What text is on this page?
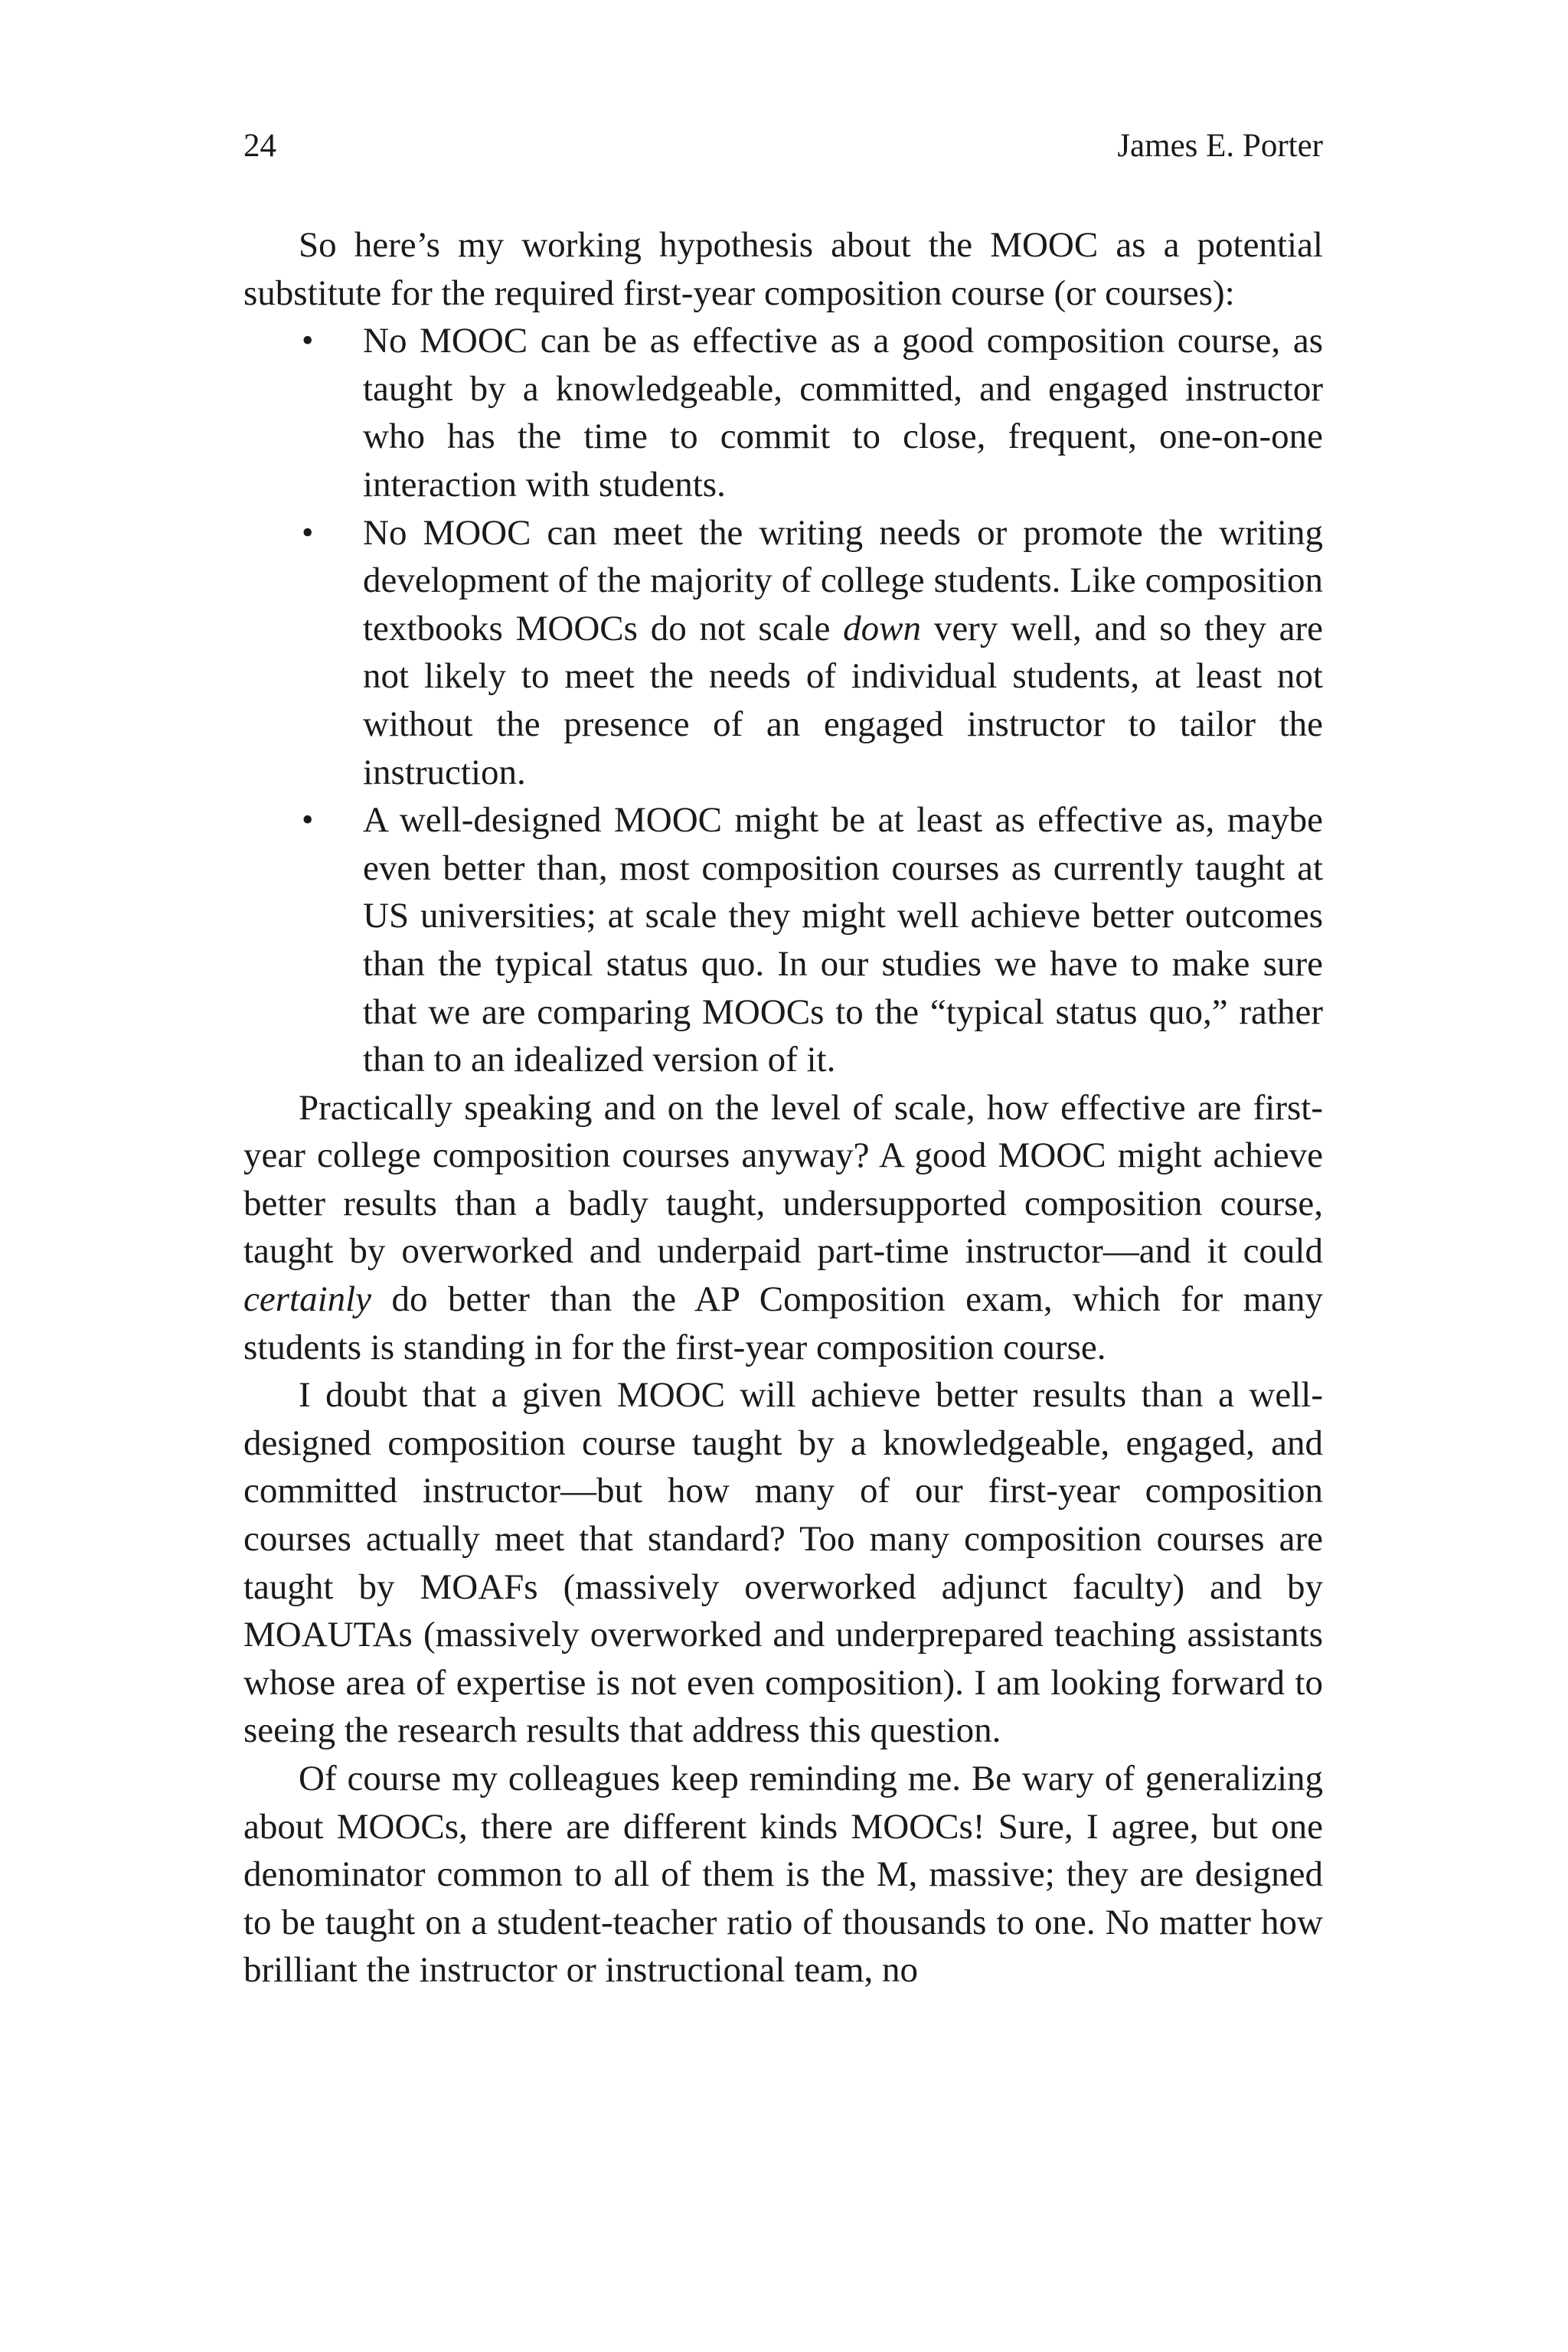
24	James E. Porter

So here’s my working hypothesis about the MOOC as a potential substitute for the required first-year composition course (or courses):

• No MOOC can be as effective as a good composition course, as taught by a knowledgeable, committed, and engaged instructor who has the time to commit to close, frequent, one-on-one interaction with students.
• No MOOC can meet the writing needs or promote the writing development of the majority of college students. Like composition textbooks MOOCs do not scale down very well, and so they are not likely to meet the needs of individual students, at least not without the presence of an engaged instructor to tailor the instruction.
• A well-designed MOOC might be at least as effective as, maybe even better than, most composition courses as currently taught at US universities; at scale they might well achieve better outcomes than the typical status quo. In our studies we have to make sure that we are comparing MOOCs to the “typical status quo,” rather than to an idealized version of it.

Practically speaking and on the level of scale, how effective are first-year college composition courses anyway? A good MOOC might achieve better results than a badly taught, undersupported composition course, taught by overworked and underpaid part-time instructor—and it could certainly do better than the AP Composition exam, which for many students is standing in for the first-year composition course.

I doubt that a given MOOC will achieve better results than a well-designed composition course taught by a knowledgeable, engaged, and committed instructor—but how many of our first-year composition courses actually meet that standard? Too many composition courses are taught by MOAFs (massively overworked adjunct faculty) and by MOAUTAs (massively overworked and underprepared teaching assistants whose area of expertise is not even composition). I am looking forward to seeing the research results that address this question.

Of course my colleagues keep reminding me. Be wary of generalizing about MOOCs, there are different kinds MOOCs! Sure, I agree, but one denominator common to all of them is the M, massive; they are designed to be taught on a student-teacher ratio of thousands to one. No matter how brilliant the instructor or instructional team, no
